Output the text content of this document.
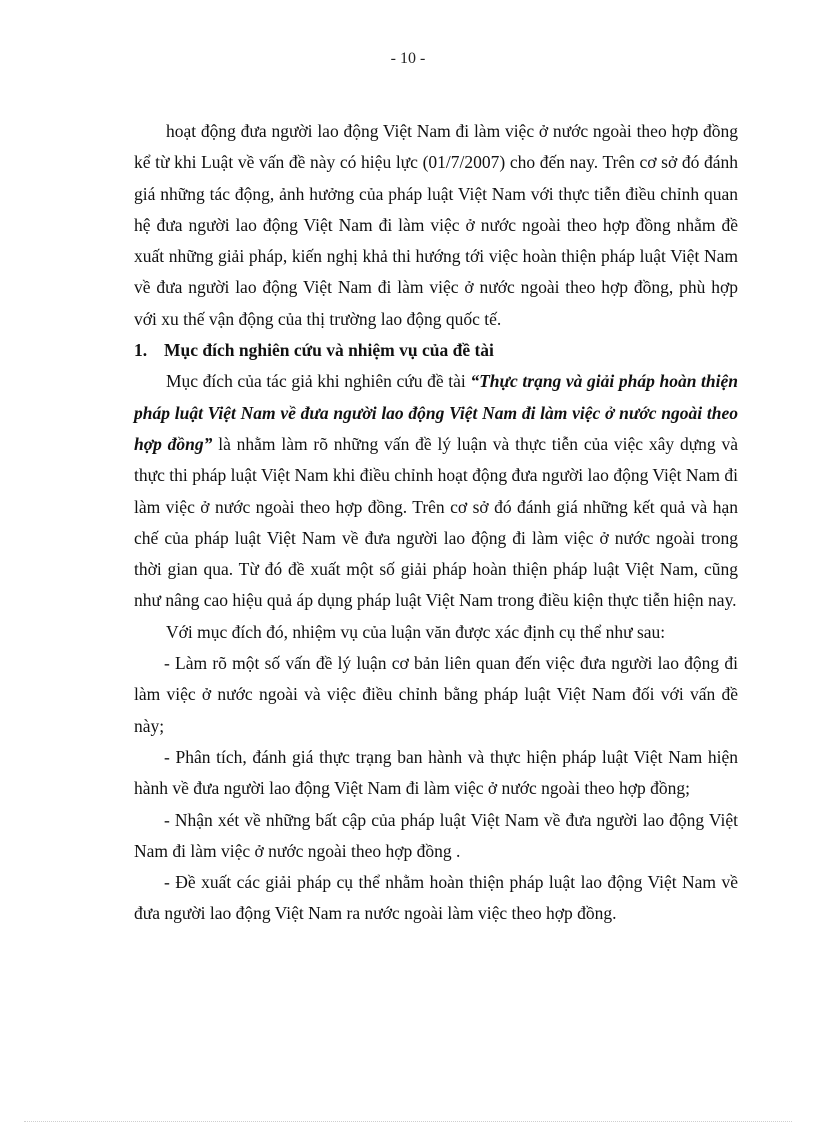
- 10 -

hoạt động đưa người lao động Việt Nam đi làm việc ở nước ngoài theo hợp đồng kể từ khi Luật về vấn đề này có hiệu lực (01/7/2007) cho đến nay. Trên cơ sở đó đánh giá những tác động, ảnh hưởng của pháp luật Việt Nam với thực tiễn điều chỉnh quan hệ đưa người lao động Việt Nam đi làm việc ở nước ngoài theo hợp đồng nhằm đề xuất những giải pháp, kiến nghị khả thi hướng tới việc hoàn thiện pháp luật Việt Nam về đưa người lao động Việt Nam đi làm việc ở nước ngoài theo hợp đồng, phù hợp với xu thế vận động của thị trường lao động quốc tế.

1. Mục đích nghiên cứu và nhiệm vụ của đề tài

Mục đích của tác giả khi nghiên cứu đề tài “Thực trạng và giải pháp hoàn thiện pháp luật Việt Nam về đưa người lao động Việt Nam đi làm việc ở nước ngoài theo hợp đồng” là nhằm làm rõ những vấn đề lý luận và thực tiễn của việc xây dựng và thực thi pháp luật Việt Nam khi điều chỉnh hoạt động đưa người lao động Việt Nam đi làm việc ở nước ngoài theo hợp đồng. Trên cơ sở đó đánh giá những kết quả và hạn chế của pháp luật Việt Nam về đưa người lao động đi làm việc ở nước ngoài trong thời gian qua. Từ đó đề xuất một số giải pháp hoàn thiện pháp luật Việt Nam, cũng như nâng cao hiệu quả áp dụng pháp luật Việt Nam trong điều kiện thực tiễn hiện nay.

Với mục đích đó, nhiệm vụ của luận văn được xác định cụ thể như sau:

- Làm rõ một số vấn đề lý luận cơ bản liên quan đến việc đưa người lao động đi làm việc ở nước ngoài và việc điều chỉnh bằng pháp luật Việt Nam đối với vấn đề này;

- Phân tích, đánh giá thực trạng ban hành và thực hiện pháp luật Việt Nam hiện hành về đưa người lao động Việt Nam đi làm việc ở nước ngoài theo hợp đồng;

- Nhận xét về những bất cập của pháp luật Việt Nam về đưa người lao động Việt Nam đi làm việc ở nước ngoài theo hợp đồng .

- Đề xuất các giải pháp cụ thể nhằm hoàn thiện pháp luật lao động Việt Nam về đưa người lao động Việt Nam ra nước ngoài làm việc theo hợp đồng.
